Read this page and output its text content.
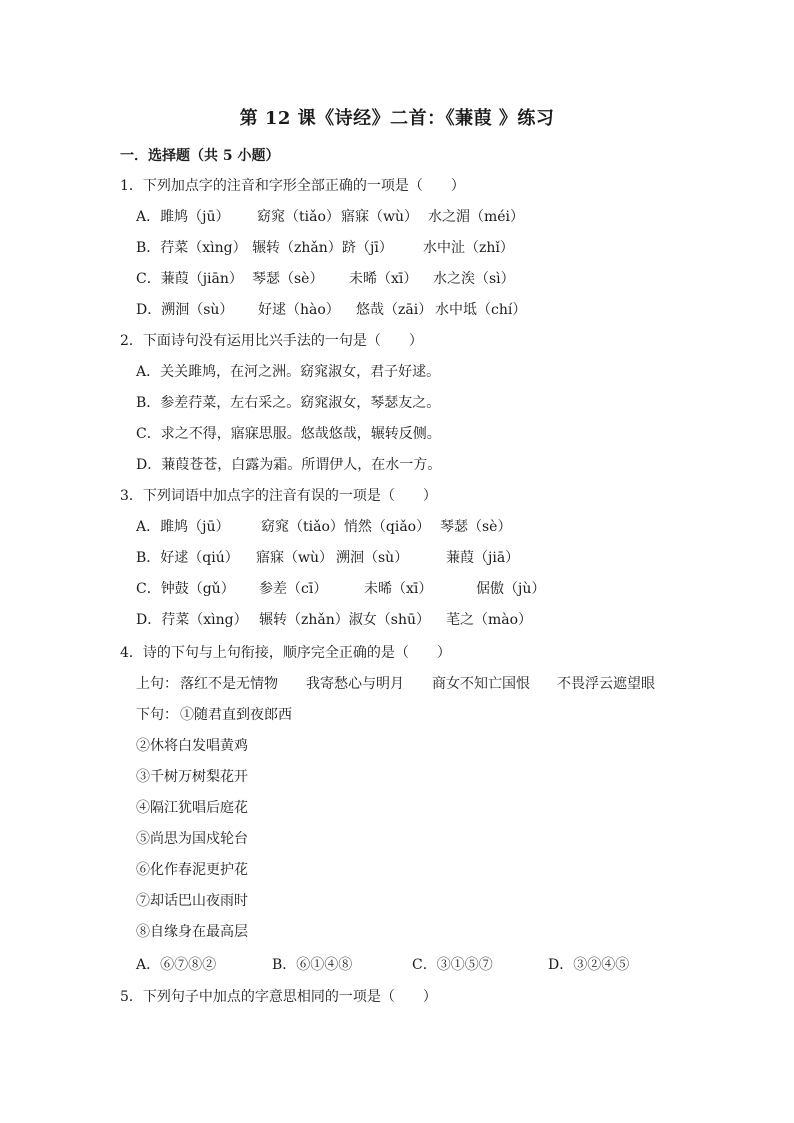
第 12 课《诗经》二首：《蒹葭 》练习
一．选择题（共 5 小题）
1．下列加点字的注音和字形全部正确的一项是（　　）
A．雎鸠（jū） 窈窕（tiǎo） 寤寐（wù） 水之湄（méi）
B．荇菜（xìng） 辗转（zhǎn） 跻（jī） 水中沚（zhǐ）
C．蒹葭（jiān） 琴瑟（sè） 未晞（xī） 水之涘（sì）
D．溯洄（sù） 好逑（hào） 悠哉（zāi） 水中坻（chí）
2．下面诗句没有运用比兴手法的一句是（　　）
A．关关雎鸠，在河之洲。窈窕淑女，君子好逑。
B．参差荇菜，左右采之。窈窕淑女，琴瑟友之。
C．求之不得，寤寐思服。悠哉悠哉，辗转反侧。
D．蒹葭苍苍，白露为霜。所谓伊人，在水一方。
3．下列词语中加点字的注音有误的一项是（　　）
A．雎鸠（jū） 窈窕（tiǎo）悄然（qiǎo） 琴瑟（sè）
B．好逑（qiú） 寤寐（wù） 溯洄（sù）	蒹葭（jiā）
C．钟鼓（gǔ） 参差（cī）	未晞（xī）	倨傲（jù）
D．荇菜（xìng） 辗转（zhǎn）淑女（shū） 芼之（mào）
4．诗的下句与上句衔接，顺序完全正确的是（　　）
上句： 落红不是无情物 我寄愁心与明月 商女不知亡国恨 不畏浮云遮望眼
下句： ①随君直到夜郎西
②休将白发唱黄鸡
③千树万树梨花开
④隔江犹唱后庭花
⑤尚思为国戍轮台
⑥化作春泥更护花
⑦却话巴山夜雨时
⑧自缘身在最高层
A．⑥⑦⑧②	B．⑥①④⑧	C．③①⑤⑦	D．③②④⑤
5．下列句子中加点的字意思相同的一项是（　　）
